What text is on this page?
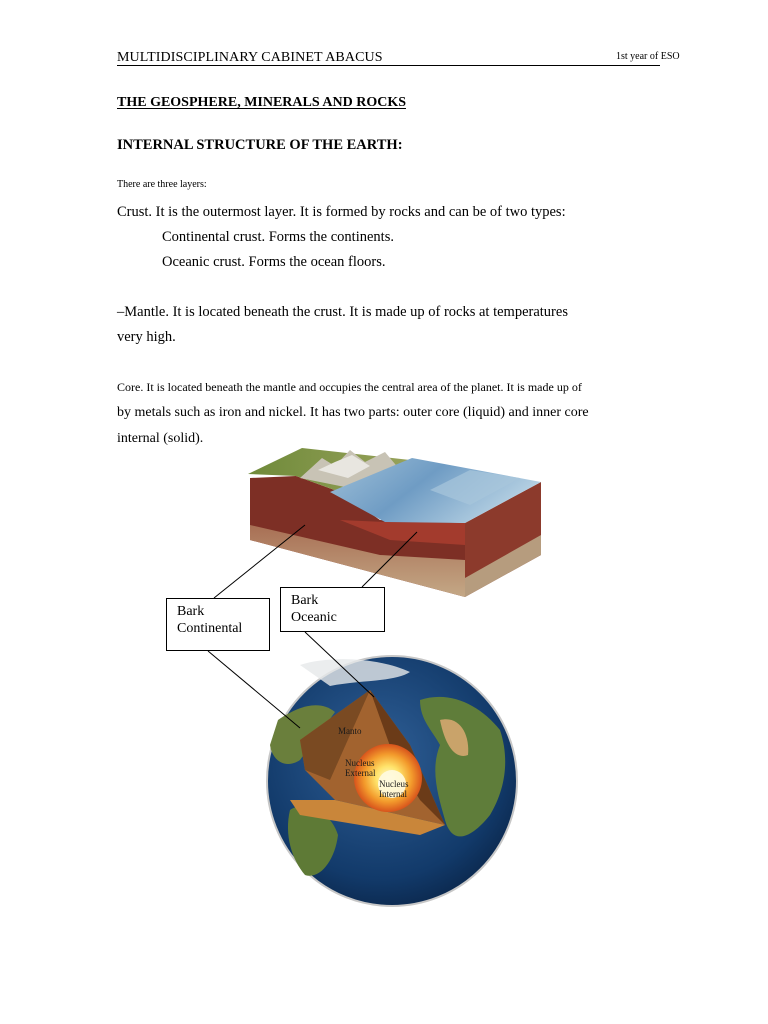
MULTIDISCIPLINARY CABINET ABACUS	1st year of ESO
THE GEOSPHERE, MINERALS AND ROCKS
INTERNAL STRUCTURE OF THE EARTH:
There are three layers:
Crust. It is the outermost layer. It is formed by rocks and can be of two types:
Continental crust. Forms the continents.
Oceanic crust. Forms the ocean floors.
–Mantle. It is located beneath the crust. It is made up of rocks at temperatures
very high.
Core. It is located beneath the mantle and occupies the central area of the planet. It is made up of
by metals such as iron and nickel. It has two parts: outer core (liquid) and inner core
internal (solid).
Bark
Continental
Bark
Oceanic
Manto
Nucleus
External
Nucleus
Internal
